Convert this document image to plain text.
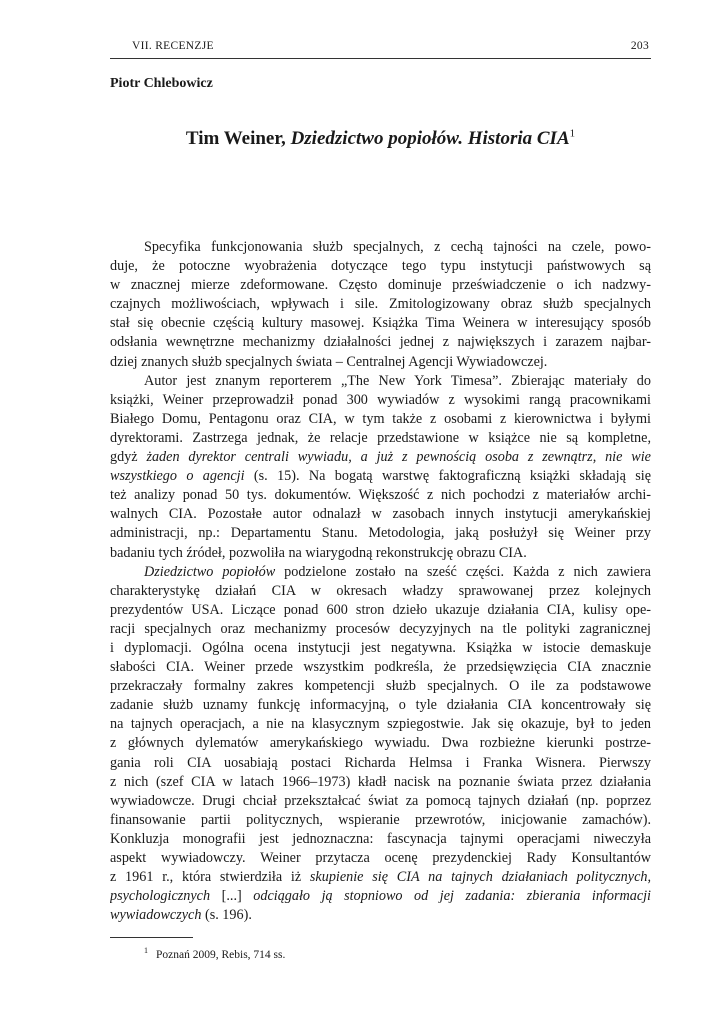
VII. RECENZJE	203
Piotr Chlebowicz
Tim Weiner, Dziedzictwo popiołów. Historia CIA$^1$
Specyfika funkcjonowania służb specjalnych, z cechą tajności na czele, powo-
duje, że potoczne wyobrażenia dotyczące tego typu instytucji państwowych są
w znacznej mierze zdeformowane. Często dominuje przeświadczenie o ich nadzwy-
czajnych możliwościach, wpływach i sile. Zmitologizowany obraz służb specjalnych
stał się obecnie częścią kultury masowej. Książka Tima Weinera w interesujący sposób
odsłania wewnętrzne mechanizmy działalności jednej z największych i zarazem najbar-
dziej znanych służb specjalnych świata – Centralnej Agencji Wywiadowczej.
Autor jest znanym reporterem „The New York Timesa”. Zbierając materiały do
książki, Weiner przeprowadził ponad 300 wywiadów z wysokimi rangą pracownikami
Białego Domu, Pentagonu oraz CIA, w tym także z osobami z kierownictwa i byłymi
dyrektorami. Zastrzega jednak, że relacje przedstawione w książce nie są kompletne,
gdyż żaden dyrektor centrali wywiadu, a już z pewnością osoba z zewnątrz, nie wie
wszystkiego o agencji (s. 15). Na bogatą warstwę faktograficzną książki składają się
też analizy ponad 50 tys. dokumentów. Większość z nich pochodzi z materiałów archi-
walnych CIA. Pozostałe autor odnalazł w zasobach innych instytucji amerykańskiej
administracji, np.: Departamentu Stanu. Metodologia, jaką posłużył się Weiner przy
badaniu tych źródeł, pozwoliła na wiarygodną rekonstrukcję obrazu CIA.
Dziedzictwo popiołów podzielone zostało na sześć części. Każda z nich zawiera
charakterystykę działań CIA w okresach władzy sprawowanej przez kolejnych
prezydentów USA. Liczące ponad 600 stron dzieło ukazuje działania CIA, kulisy ope-
racji specjalnych oraz mechanizmy procesów decyzyjnych na tle polityki zagranicznej
i dyplomacji. Ogólna ocena instytucji jest negatywna. Książka w istocie demaskuje
słabości CIA. Weiner przede wszystkim podkreśla, że przedsięwzięcia CIA znacznie
przekraczały formalny zakres kompetencji służb specjalnych. O ile za podstawowe
zadanie służb uznamy funkcję informacyjną, o tyle działania CIA koncentrowały się
na tajnych operacjach, a nie na klasycznym szpiegostwie. Jak się okazuje, był to jeden
z głównych dylematów amerykańskiego wywiadu. Dwa rozbieżne kierunki postrze-
gania roli CIA uosabiają postaci Richarda Helmsa i Franka Wisnera. Pierwszy
z nich (szef CIA w latach 1966–1973) kładł nacisk na poznanie świata przez działania
wywiadowcze. Drugi chciał przekształcać świat za pomocą tajnych działań (np. poprzez
finansowanie partii politycznych, wspieranie przewrotów, inicjowanie zamachów).
Konkluzja monografii jest jednoznaczna: fascynacja tajnymi operacjami niweczyła
aspekt wywiadowczy. Weiner przytacza ocenę prezydenckiej Rady Konsultantów
z 1961 r., która stwierdziła iż skupienie się CIA na tajnych działaniach politycznych,
psychologicznych [...] odciągało ją stopniowo od jej zadania: zbierania informacji
wywiadowczych (s. 196).
$^1$ Poznań 2009, Rebis, 714 ss.
